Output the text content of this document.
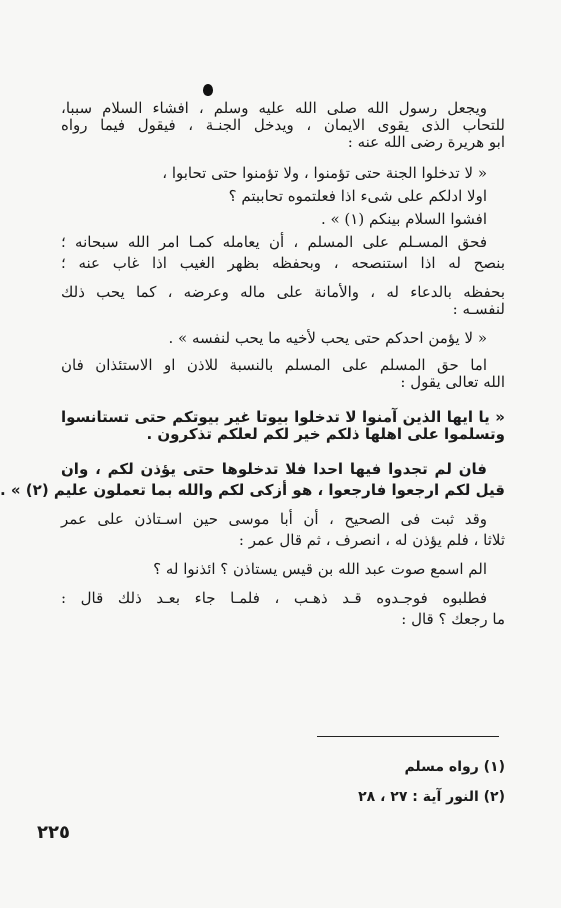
ويجعل رسول الله صلى الله عليه وسلم ، افشاء السلام سببا،
للتحاب الذى يقوى الايمان ، ويدخل الجنـة ، فيقول فيما رواه
ابو هريرة رضى الله عنه :
« لا تدخلوا الجنة حتى تؤمنوا ، ولا تؤمنوا حتى تحابوا ،
اولا ادلكم على شىء اذا فعلتموه تحاببتم ؟
افشوا السلام بينكم (١) » .
فحق المسـلم على المسلم ، أن يعامله كمـا امر الله سبحانه ؛
بنصح له اذا استنصحه ، وبحفظه بظهر الغيب اذا غاب عنه ؛
بحفظه بالدعاء له ، والأمانة على ماله وعرضه ، كما يحب ذلك
لنفسـه :
« لا يؤمن احدكم حتى يحب لأخيه ما يحب لنفسه » .
اما حق المسلم على المسلم بالنسبة للاذن او الاستئذان فان
الله تعالى يقول :
« يا ايها الذين آمنوا لا تدخلوا بيوتا غير بيوتكم حتى تستانسوا
وتسلموا على اهلها ذلكم خير لكم لعلكم تذكرون .
فان لم تجدوا فيها احدا فلا تدخلوها حتى يؤذن لكم ، وان
قيل لكم ارجعوا فارجعوا ، هو أزكى لكم والله بما تعملون عليم (٢) » .
وقد ثبت فى الصحيح ، أن أبا موسى حين اسـتاذن على عمر
ثلاثا ، فلم يؤذن له ، انصرف ، ثم قال عمر :
الم اسمع صوت عبد الله بن قيس يستاذن ؟ ائذنوا له ؟
فطلبوه فوجـدوه قـد ذهـب ، فلمـا جاء بعـد ذلك قال :
ما رجعك ؟ قال :
(١) رواه مسلم
(٢) النور آية : ٢٧ ، ٢٨
٢٢٥
